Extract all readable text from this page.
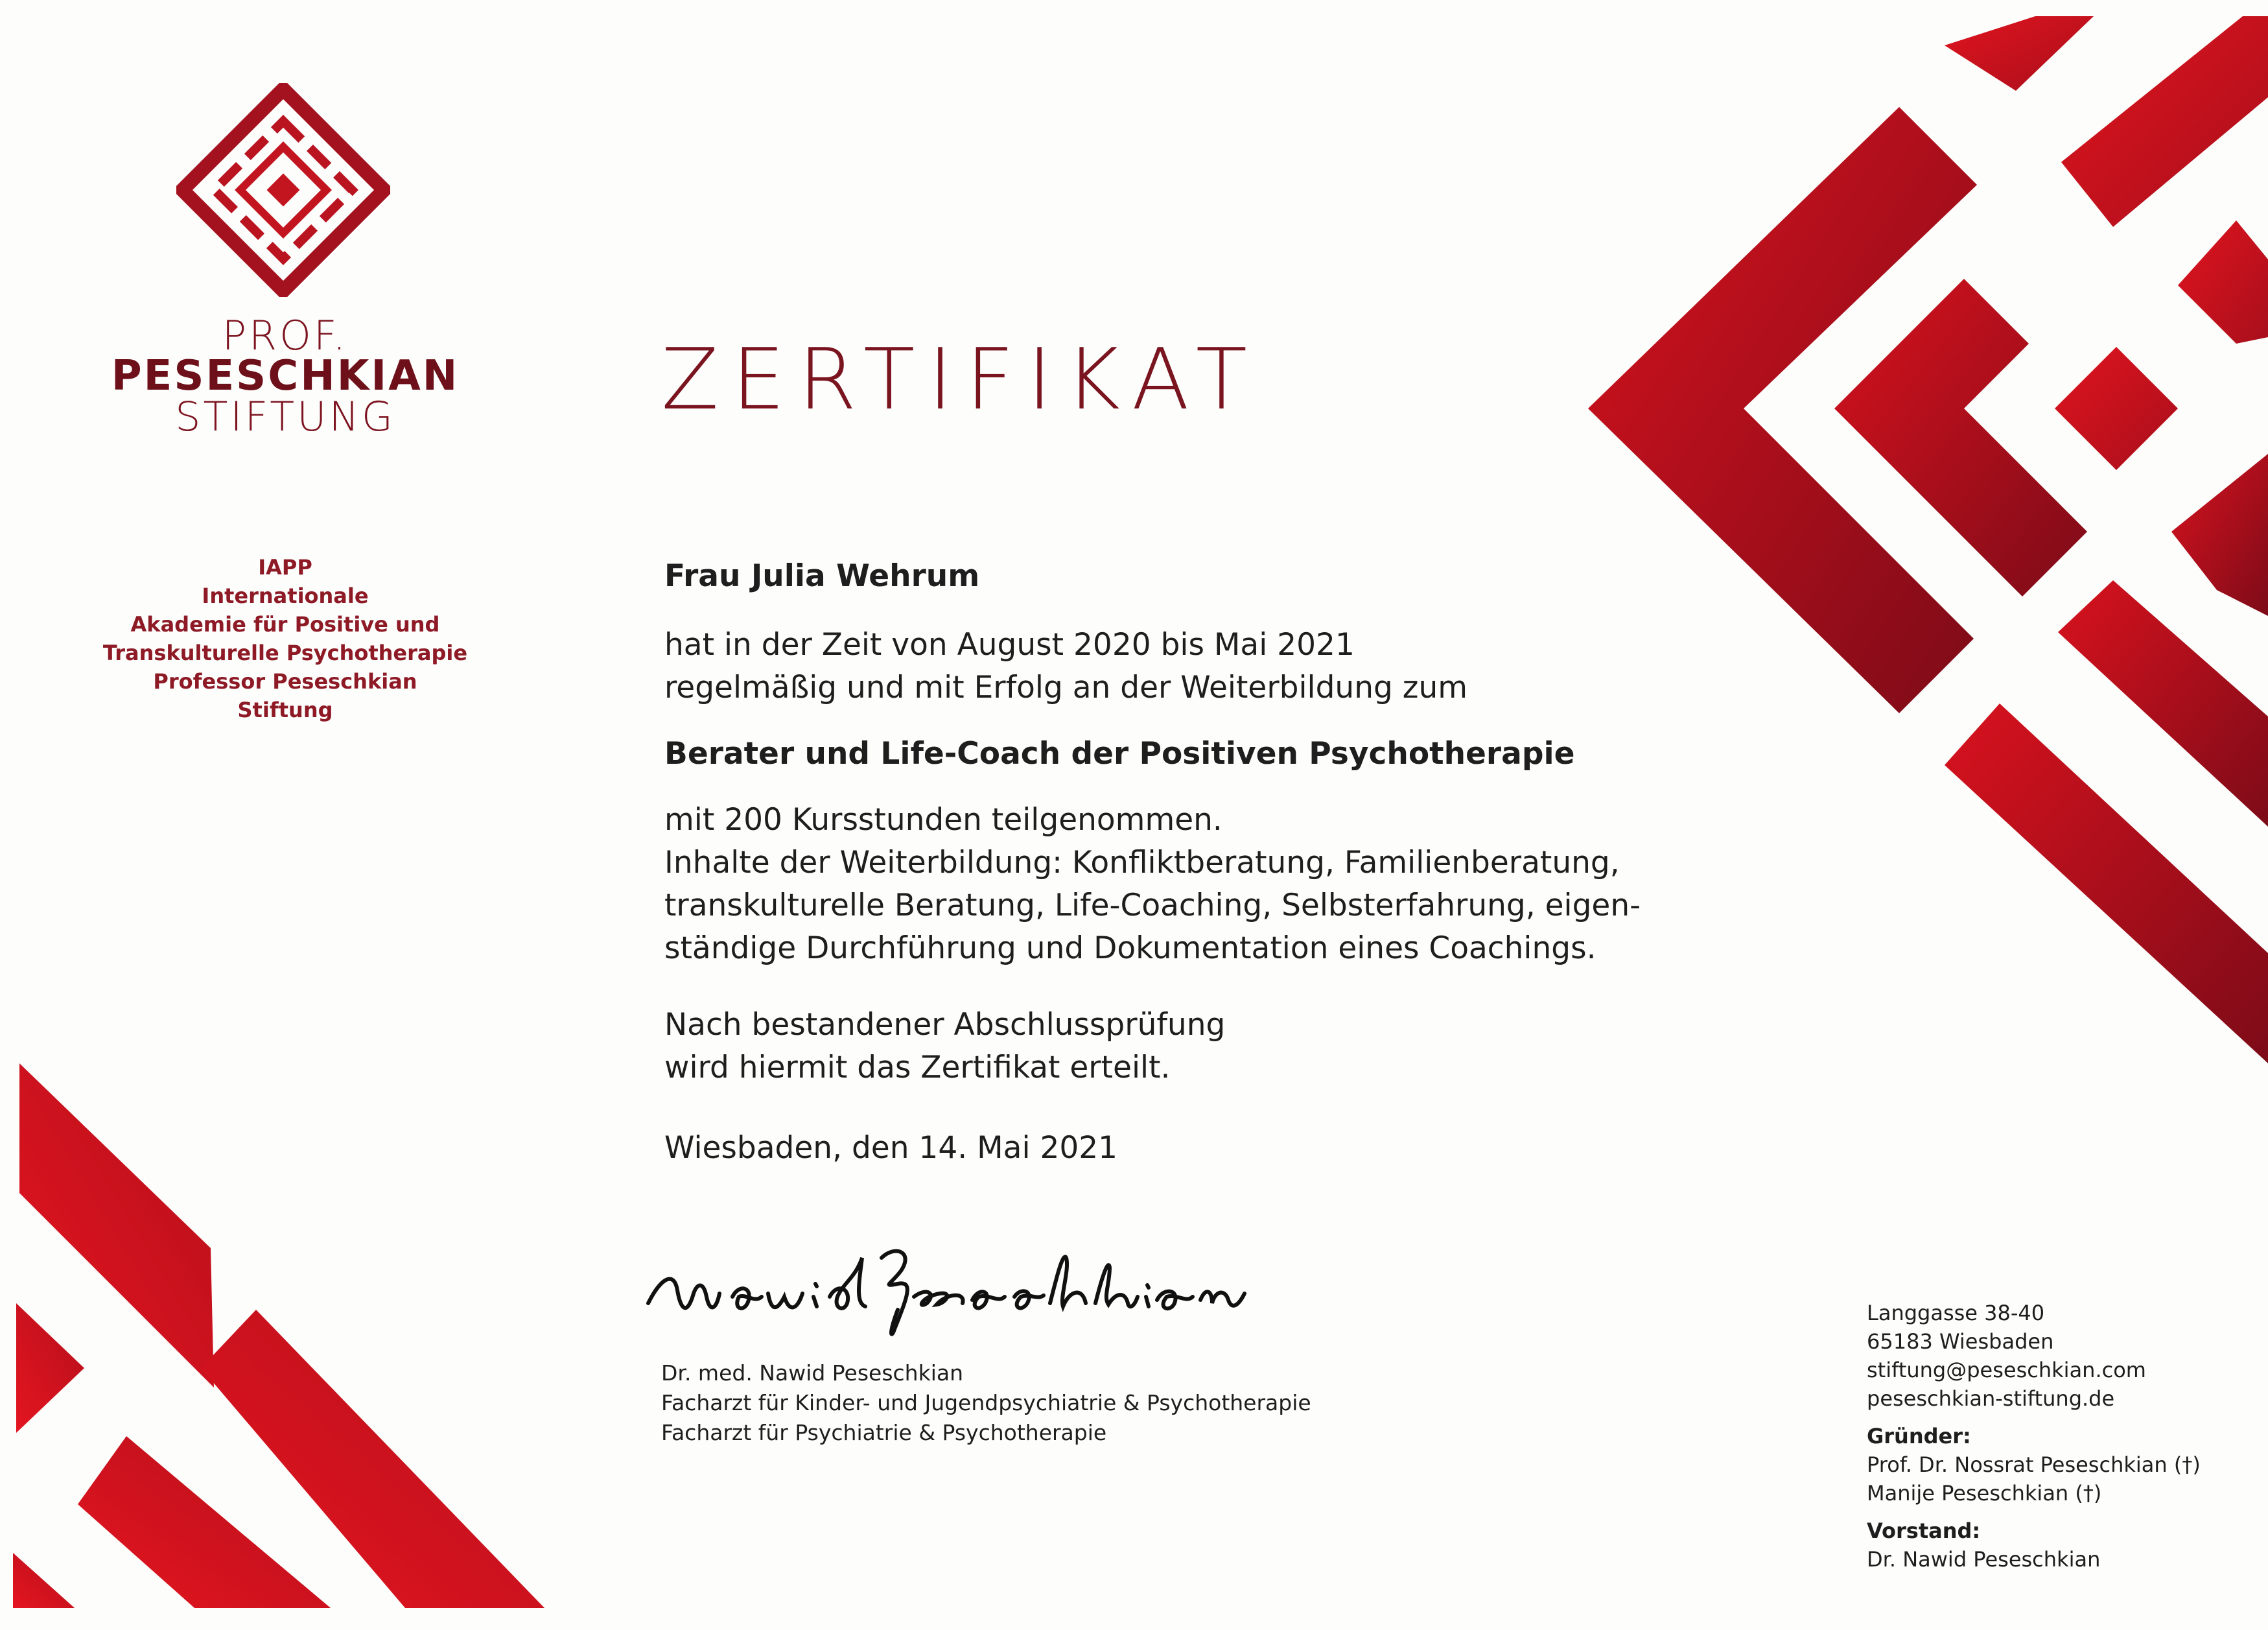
PROF.
PESESCHKIAN
STIFTUNG
IAPP
Internationale
Akademie für Positive und
Transkulturelle Psychotherapie
Professor Peseschkian
Stiftung
ZERTIFIKAT
Frau Julia Wehrum
hat in der Zeit von August 2020 bis Mai 2021
regelmäßig und mit Erfolg an der Weiterbildung zum
Berater und Life-Coach der Positiven Psychotherapie
mit 200 Kursstunden teilgenommen.
Inhalte der Weiterbildung: Konfliktberatung, Familienberatung,
transkulturelle Beratung, Life-Coaching, Selbsterfahrung, eigen-
ständige Durchführung und Dokumentation eines Coachings.
Nach bestandener Abschlussprüfung
wird hiermit das Zertifikat erteilt.
Wiesbaden, den 14. Mai 2021
Dr. med. Nawid Peseschkian
Facharzt für Kinder- und Jugendpsychiatrie & Psychotherapie
Facharzt für Psychiatrie & Psychotherapie
Langgasse 38-40
65183 Wiesbaden
stiftung@peseschkian.com
peseschkian-stiftung.de
Gründer:
Prof. Dr. Nossrat Peseschkian (†)
Manije Peseschkian (†)
Vorstand:
Dr. Nawid Peseschkian
